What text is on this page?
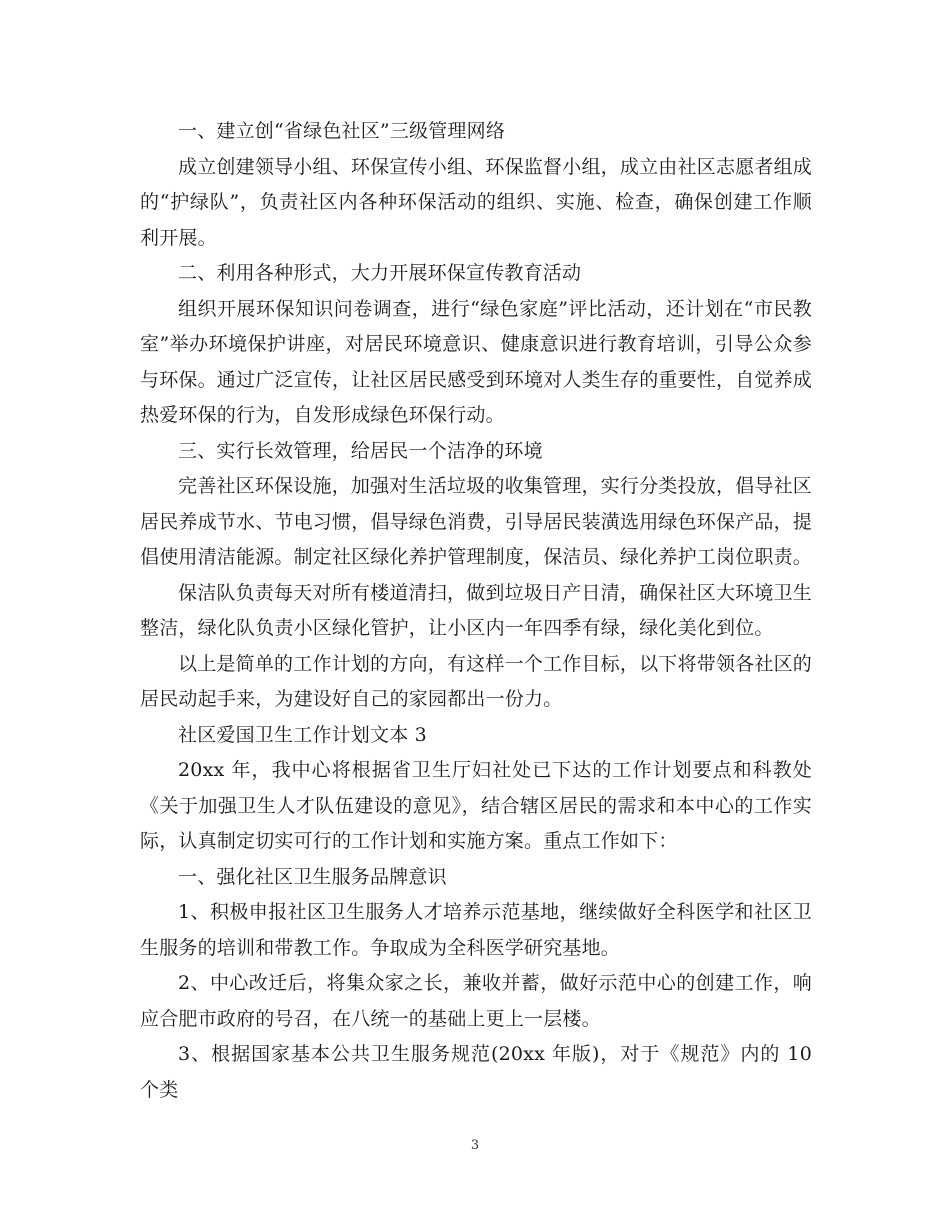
一、建立创“省绿色社区”三级管理网络

成立创建领导小组、环保宣传小组、环保监督小组，成立由社区志愿者组成的“护绿队”，负责社区内各种环保活动的组织、实施、检查，确保创建工作顺利开展。

二、利用各种形式，大力开展环保宣传教育活动

组织开展环保知识问卷调查，进行“绿色家庭”评比活动，还计划在“市民教室”举办环境保护讲座，对居民环境意识、健康意识进行教育培训，引导公众参与环保。通过广泛宣传，让社区居民感受到环境对人类生存的重要性，自觉养成热爱环保的行为，自发形成绿色环保行动。

三、实行长效管理，给居民一个洁净的环境

完善社区环保设施，加强对生活垃圾的收集管理，实行分类投放，倡导社区居民养成节水、节电习惯，倡导绿色消费，引导居民装潢选用绿色环保产品，提倡使用清洁能源。制定社区绿化养护管理制度，保洁员、绿化养护工岗位职责。

保洁队负责每天对所有楼道清扫，做到垃圾日产日清，确保社区大环境卫生整洁，绿化队负责小区绿化管护，让小区内一年四季有绿，绿化美化到位。

以上是简单的工作计划的方向，有这样一个工作目标，以下将带领各社区的居民动起手来，为建设好自己的家园都出一份力。

社区爱国卫生工作计划文本 3

20xx 年，我中心将根据省卫生厅妇社处已下达的工作计划要点和科教处《关于加强卫生人才队伍建设的意见》，结合辖区居民的需求和本中心的工作实际，认真制定切实可行的工作计划和实施方案。重点工作如下：

一、强化社区卫生服务品牌意识

1、积极申报社区卫生服务人才培养示范基地，继续做好全科医学和社区卫生服务的培训和带教工作。争取成为全科医学研究基地。

2、中心改迁后，将集众家之长，兼收并蓄，做好示范中心的创建工作，响应合肥市政府的号召，在八统一的基础上更上一层楼。

3、根据国家基本公共卫生服务规范(20xx 年版)，对于《规范》内的 10 个类

3
